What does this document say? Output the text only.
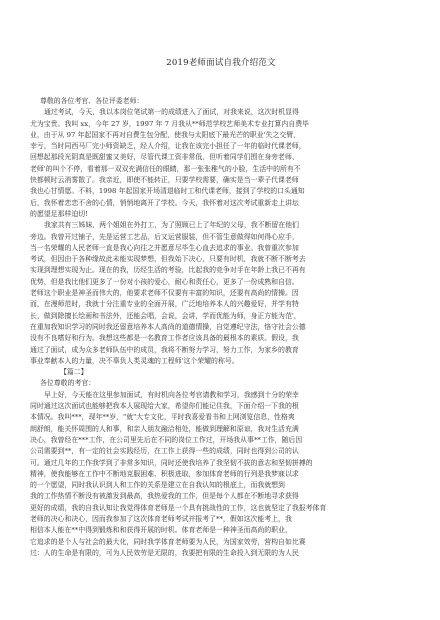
2019老师面试自我介绍范文
尊敬的各位考官、各位评委老师：
通过考试，今天，我以本岗位笔试第一的成绩进入了面试，对我来说，这次时机显得
尤为宝贵。我叫 xx，今年 27 岁，1997 年 7 月我从**师范学校艺师美术专业打算内自费毕
业，由于从 97 年起国家不再对自费生包分配，使我与太阳底下最光芒的职业'失之交臂，
幸亏，当时同西马厂完小师资缺乏，经人介绍，让我在该完小担任了一年的临时代课老师，
回想起那段光阴真是既甜蜜又美好，尽管代课工资非常低，但听着同学们围在身旁老师、
老师'的叫个不停，看着那一双双充满信任的眼睛，那一张张稚气的小脸，生活中的所有不
快都顿时云消雾散了。我亲近，即使不能转正，只要学校需要，确实是当一辈子代课老师
我也心甘情愿。不料，1998 年起国家开场清退临时工和代课老师，接到了学校的口头通知
后，我怀着恋恋不舍的心情，悄悄地离开了学校。今天，我怀着对这次考试重新走上讲坛
的愿望足那样迫切!
我家共有三姊妹，两个姐姐在外打工，为了照顾已上了年纪的父母，我不断留在他们
旁边。我曾开过铺子，先是运营工艺品，后又运营服装，但不管生意做得如何得心应手，
当一名荣耀的人民老师一直是我心向往之并愿意尽毕生心血去追求的事业。我曾重次参加
考试，但因由于各种缘故此未能实现梦想，但我始下决心，只要有时机，我就不断不断考去
实现到理想实现为止。现在的我，历经生活的考验，比起我的竞争对手在年龄上我已不再有
优势，但是我比他们更多了一份对小孩的爱心，耐心和责任心，更多了一份成熟和自信。
老师这个职业是神圣而伟大的，他要求老师不仅要有丰富的知识，还要有高尚的情操。因
而，在漫师范时，我就十分注重专业的全面开展，广泛地培养本人的兴趣爱好，并学有特
长，做到除擅长绘画和书法外，还能会唱，会说，会讲，学而优能为师，身正方能为范'，
在重加我知识学习的同时我还留意培养本人高尚的道德情操，自觉遵纪守法，恪守社会公德
没有不良嗜好和行为。我想这些都是一名教育工作者应该具备的最根本的素质。假设，我
通过了面试，成为众多老师队伍中的成员，我将不断努力学习，努力工作，为家乡的教育
事业奉献本人的力量，决不辜负人类灵魂的工程师'这个荣耀的称号。
【篇二】
各位尊敬的考官：
早上好，今天能在这里参加面试，有时机向各位考官请教和学习，我感到十分的荣幸
同时通过这次面试也能够把我本人展现给大家，希望你们能记住我，下面介绍一下我的根
本情况。我叫***，现年**岁，"就"大专文化，平时我喜爱看书和上网浏览信息，性格爽
朗舒朗，能关怀周围的人和事，和亲人朋友融洽相处，能做到理解和原谅，我对生活充满
决心，我曾经在***工作，在公司里先后在不同的岗位工作过，开场我从事**工作，随后因
公司需要到**，有一定的社会实践经历，在工作上获得一些的成绩，同时也得到公司的认
可。通过几年的工作我学到了非常多知识，同时还使我培养了我坚韧不拔的意志和坚韧拼搏的
精神，使我能够在工作中不断地克服困难、积极进取，参加体育老师的行列是我梦寐以求
的一个愿望，同时我认识到人和工作的关系是建立在自我认知的根底上，而我就想到
我的工作热情不断没有被激发到最高，我热爱我的工作，但是每个人都在不断地寻求获得
更好的成绩，我的自我认知让我觉得体育老师是一个具有挑战性的工作，这也就坚定了我报考体育
老师的决心和决心，因而我参加了这次体育老师考试并报考了**，假如这次能考上，我
相信本人能在**中得到锻炼和和获得开展的时机。体育老师是一种神圣而高尚的职业，
它追求的是个人与社会的最大化，同时我学体育老师要为人民，为国家效劳，营构自如比赛
过：人的生命是有限的，可为人民效劳是无限的，我要把有限的生命投入到无限的为人民
